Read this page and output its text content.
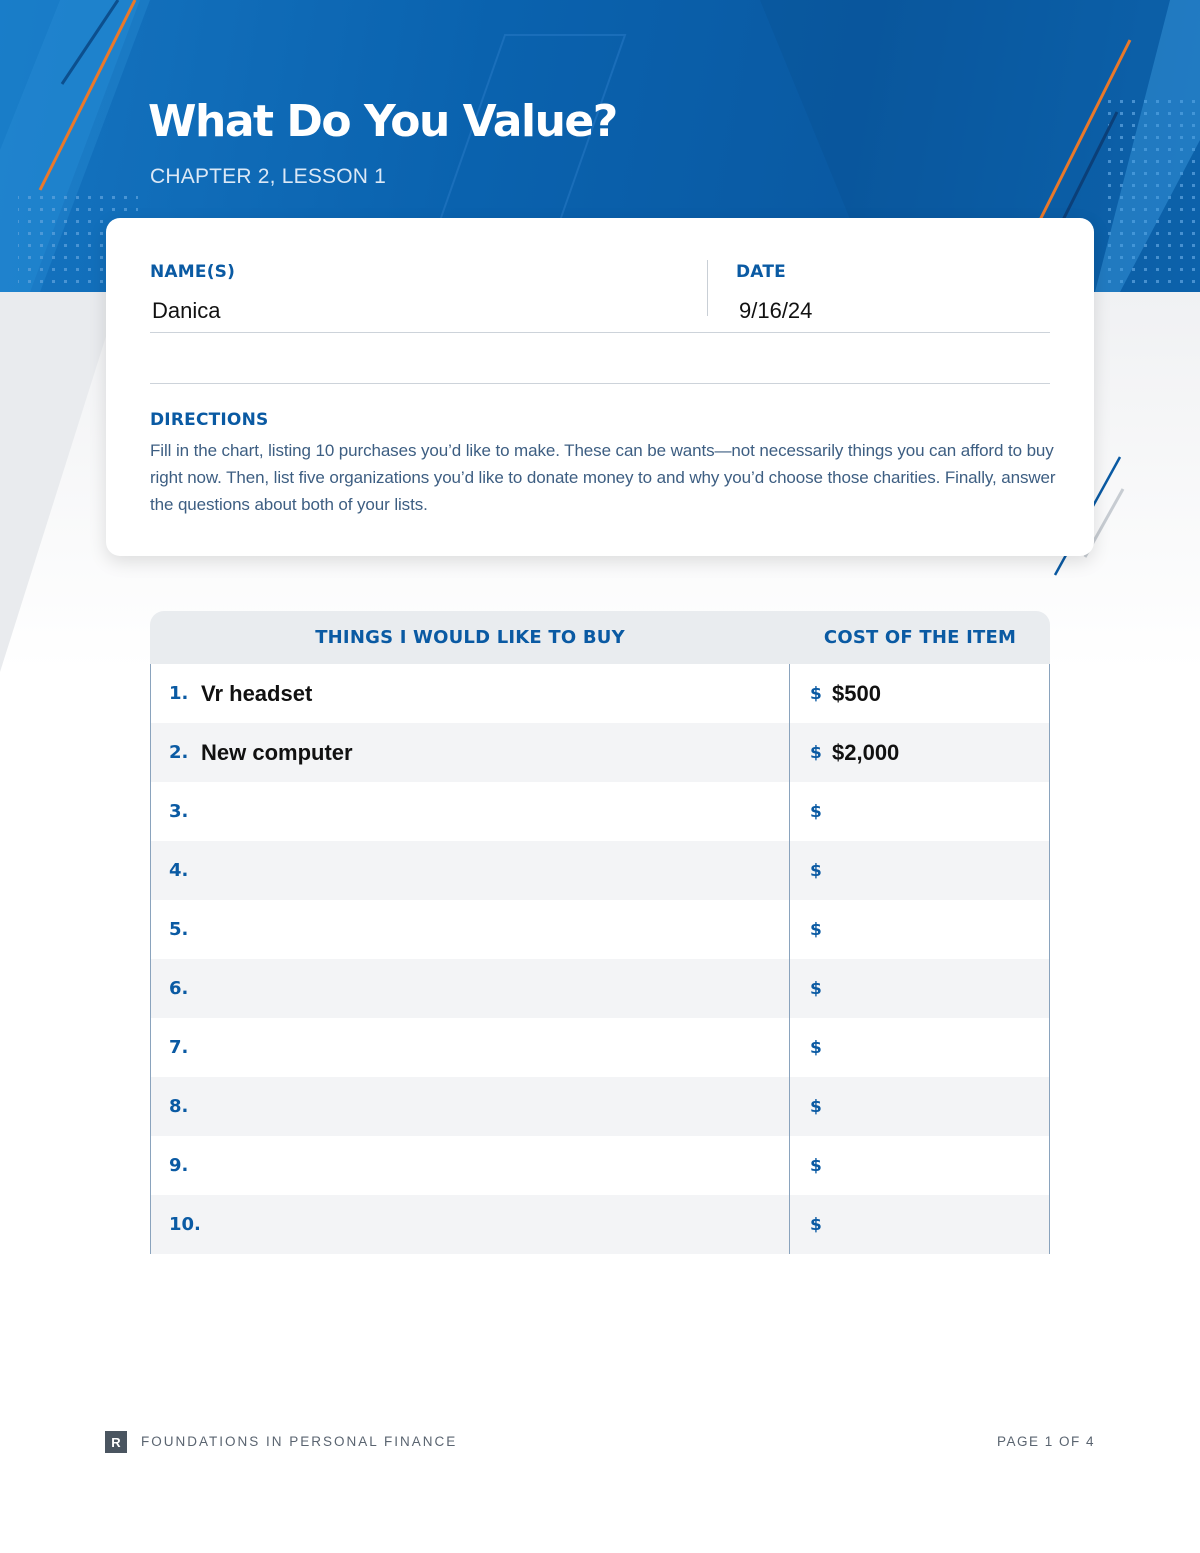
What Do You Value?
CHAPTER 2, LESSON 1
NAME(S)	DATE
Danica	9/16/24
DIRECTIONS
Fill in the chart, listing 10 purchases you’d like to make. These can be wants—not necessarily things you can afford to buy right now. Then, list five organizations you’d like to donate money to and why you’d choose those charities. Finally, answer the questions about both of your lists.
THINGS I WOULD LIKE TO BUY	COST OF THE ITEM
1. Vr headset	$ $500
2. New computer	$ $2,000
3.	$
4.	$
5.	$
6.	$
7.	$
8.	$
9.	$
10.	$
R	FOUNDATIONS IN PERSONAL FINANCE	PAGE 1 OF 4
